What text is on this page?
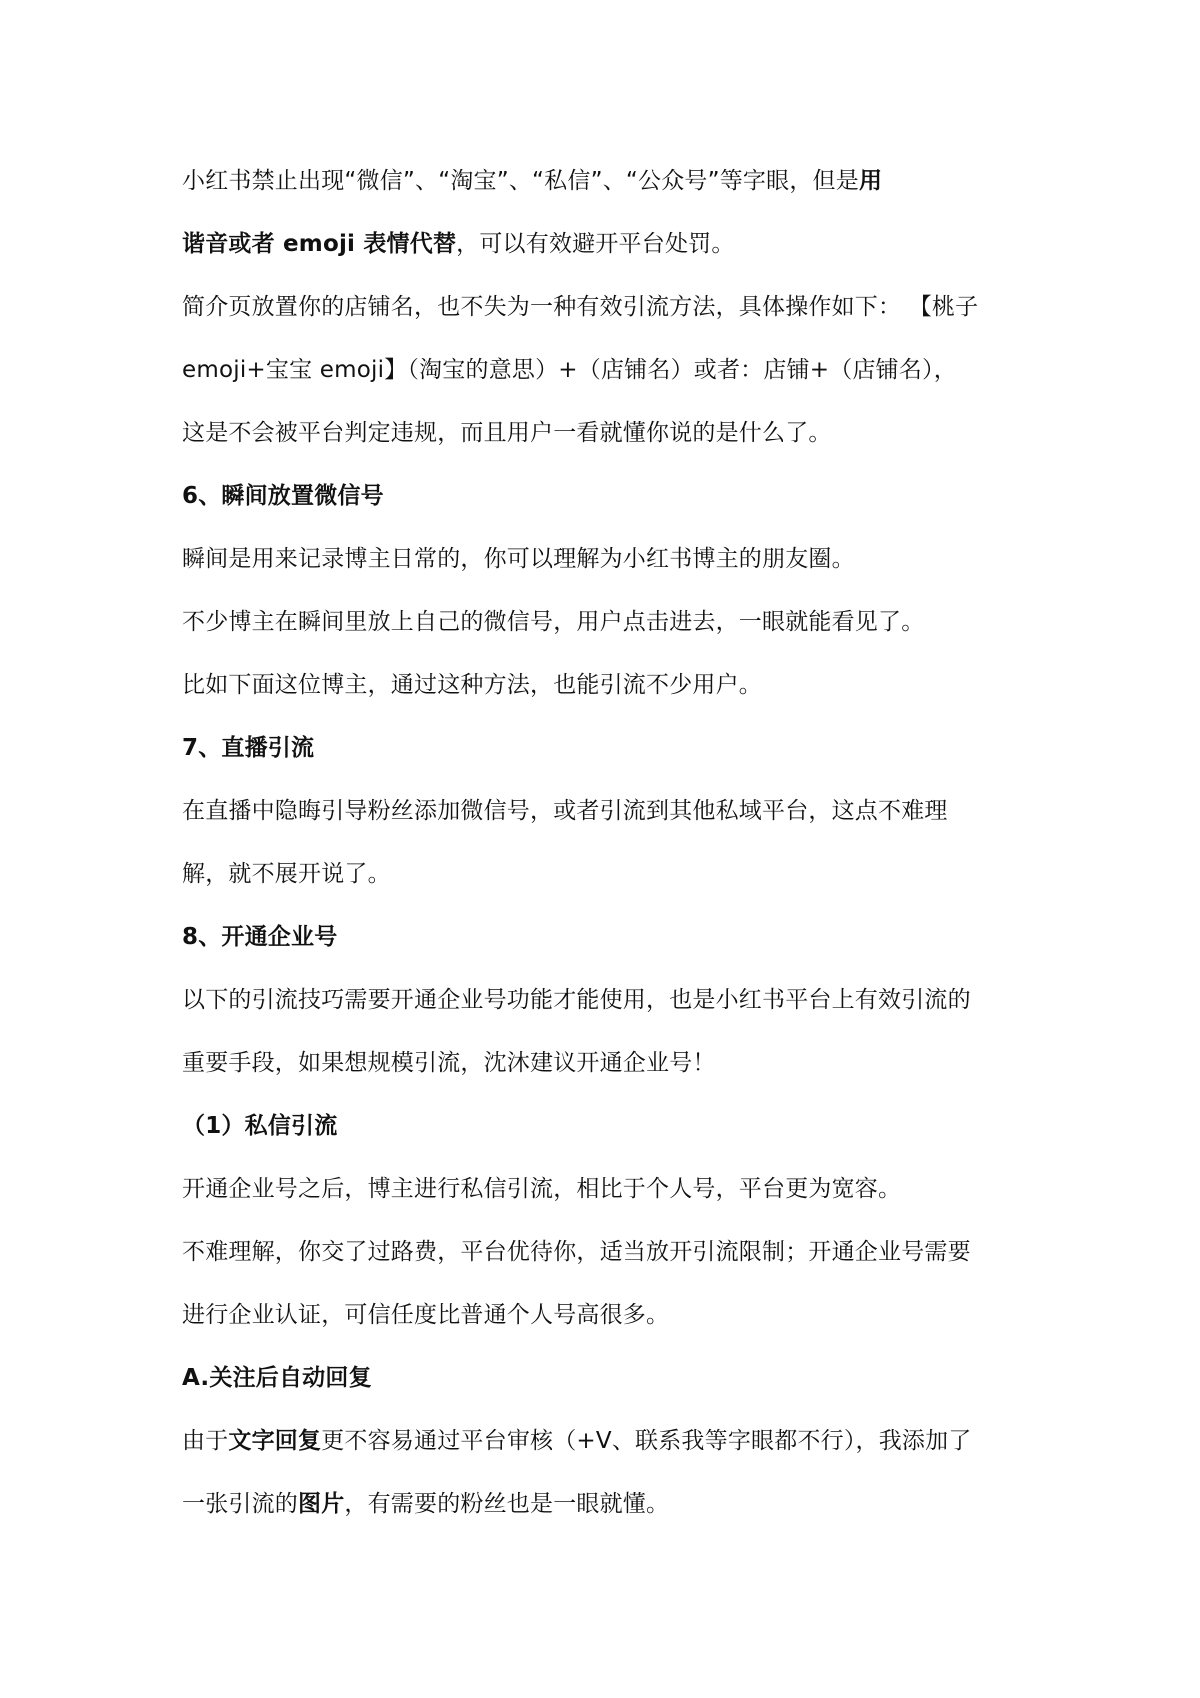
小红书禁止出现“微信”、“淘宝”、“私信”、“公众号”等字眼，但是用
谐音或者 emoji 表情代替，可以有效避开平台处罚。
简介页放置你的店铺名，也不失为一种有效引流方法，具体操作如下： 【桃子
emoji+宝宝 emoji】（淘宝的意思）+（店铺名）或者：店铺+（店铺名），
这是不会被平台判定违规，而且用户一看就懂你说的是什么了。
6、瞬间放置微信号
瞬间是用来记录博主日常的，你可以理解为小红书博主的朋友圈。
不少博主在瞬间里放上自己的微信号，用户点击进去，一眼就能看见了。
比如下面这位博主，通过这种方法，也能引流不少用户。
7、直播引流
在直播中隐晦引导粉丝添加微信号，或者引流到其他私域平台，这点不难理
解，就不展开说了。
8、开通企业号
以下的引流技巧需要开通企业号功能才能使用，也是小红书平台上有效引流的
重要手段，如果想规模引流，沈沐建议开通企业号！
（1）私信引流
开通企业号之后，博主进行私信引流，相比于个人号，平台更为宽容。
不难理解，你交了过路费，平台优待你，适当放开引流限制；开通企业号需要
进行企业认证，可信任度比普通个人号高很多。
A.关注后自动回复
由于文字回复更不容易通过平台审核（+V、联系我等字眼都不行），我添加了
一张引流的图片，有需要的粉丝也是一眼就懂。
